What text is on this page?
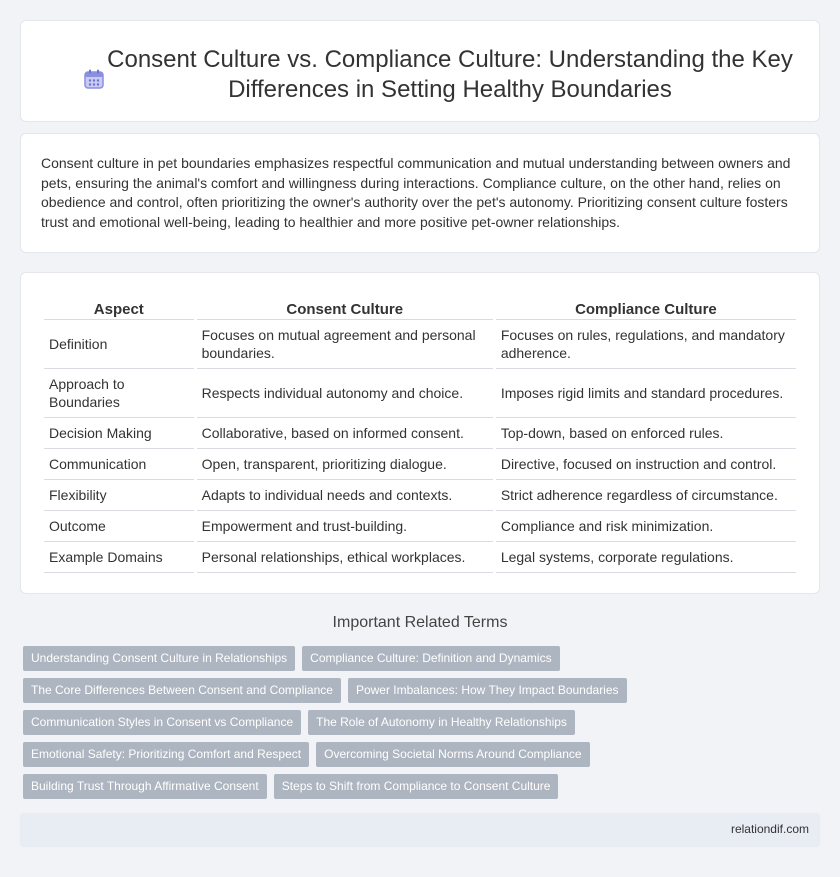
Consent Culture vs. Compliance Culture: Understanding the Key Differences in Setting Healthy Boundaries

Consent culture in pet boundaries emphasizes respectful communication and mutual understanding between owners and pets, ensuring the animal's comfort and willingness during interactions. Compliance culture, on the other hand, relies on obedience and control, often prioritizing the owner's authority over the pet's autonomy. Prioritizing consent culture fosters trust and emotional well-being, leading to healthier and more positive pet-owner relationships.

Aspect	Consent Culture	Compliance Culture
Definition	Focuses on mutual agreement and personal boundaries.	Focuses on rules, regulations, and mandatory adherence.
Approach to Boundaries	Respects individual autonomy and choice.	Imposes rigid limits and standard procedures.
Decision Making	Collaborative, based on informed consent.	Top-down, based on enforced rules.
Communication	Open, transparent, prioritizing dialogue.	Directive, focused on instruction and control.
Flexibility	Adapts to individual needs and contexts.	Strict adherence regardless of circumstance.
Outcome	Empowerment and trust-building.	Compliance and risk minimization.
Example Domains	Personal relationships, ethical workplaces.	Legal systems, corporate regulations.
Important Related Terms
Understanding Consent Culture in Relationships	Compliance Culture: Definition and Dynamics
The Core Differences Between Consent and Compliance	Power Imbalances: How They Impact Boundaries
Communication Styles in Consent vs Compliance	The Role of Autonomy in Healthy Relationships
Emotional Safety: Prioritizing Comfort and Respect	Overcoming Societal Norms Around Compliance
Building Trust Through Affirmative Consent	Steps to Shift from Compliance to Consent Culture
relationdif.com
